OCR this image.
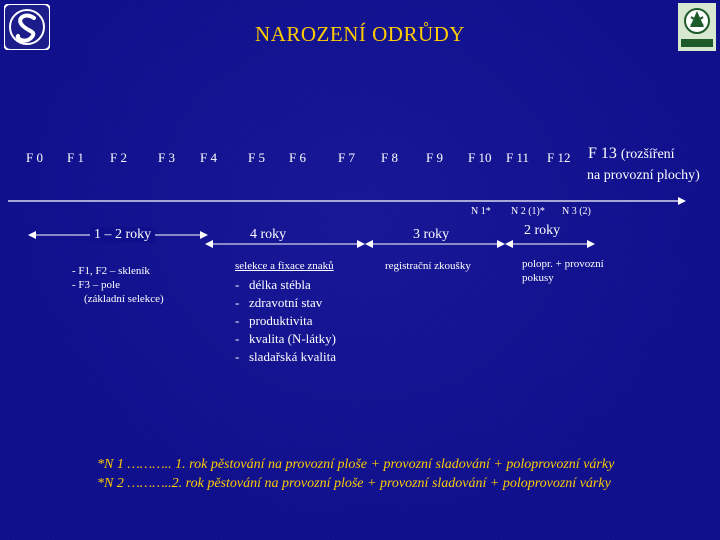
NAROZENÍ ODRŮDY
F 0 F 1 F 2 F 3 F 4 F 5 F 6 F 7 F 8 F 9 F 10 F 11 F 12 F 13 (rozšíření
na provozní plochy)
N 1* N 2 (1)* N 3 (2)
1 – 2 roky	4 roky	3 roky	2 roky
- F1, F2 – skleník
- F3 – pole
(základní selekce)
selekce a fixace znaků
- délka stébla
- zdravotní stav
- produktivita
- kvalita (N-látky)
- sladařská kvalita
registrační zkoušky	polopr. + provozní
pokusy
*N 1 ……….. 1. rok pěstování na provozní ploše + provozní sladování + poloprovozní várky
*N 2 ………..2. rok pěstování na provozní ploše + provozní sladování + poloprovozní várky
